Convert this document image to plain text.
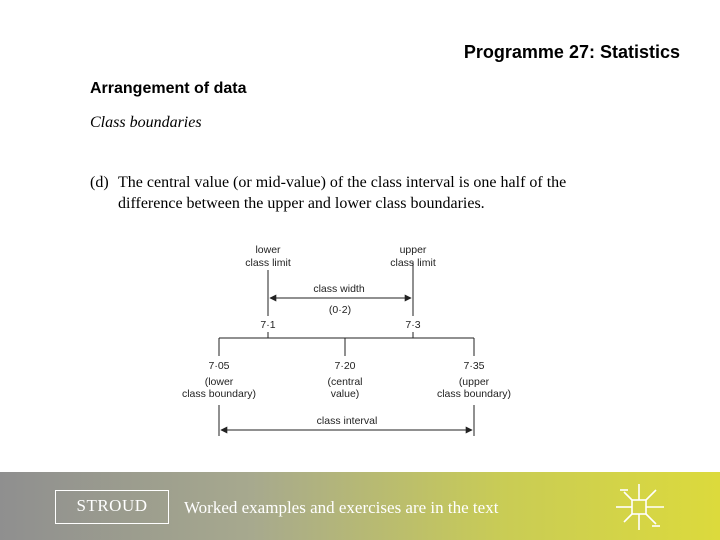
Programme 27: Statistics
Arrangement of data
Class boundaries
(d) The central value (or mid-value) of the class interval is one half of the
difference between the upper and lower class boundaries.
lower
class limit
upper
class limit
class width
(0·2)
7·1	7·3
7·05	7·20	7·35
(lower
class boundary)
(central
value)
(upper
class boundary)
class interval
STROUD	Worked examples and exercises are in the text
